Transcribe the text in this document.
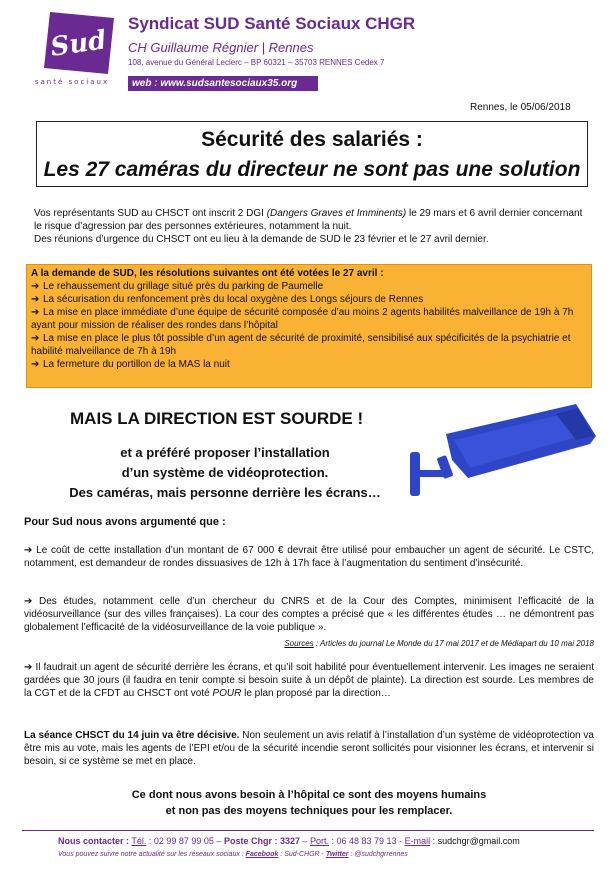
Sud
santé sociaux
Syndicat SUD Santé Sociaux CHGR
CH Guillaume Régnier | Rennes
108, avenue du Général Leclerc – BP 60321 – 35703 RENNES Cedex 7
web : www.sudsantesociaux35.org
Rennes, le 05/06/2018
Sécurité des salariés :
Les 27 caméras du directeur ne sont pas une solution
Vos représentants SUD au CHSCT ont inscrit 2 DGI (Dangers Graves et Imminents) le 29 mars et 6 avril dernier concernant le risque d’agression par des personnes extérieures, notamment la nuit.
Des réunions d’urgence du CHSCT ont eu lieu à la demande de SUD le 23 février et le 27 avril dernier.
A la demande de SUD, les résolutions suivantes ont été votées le 27 avril :
➔ Le rehaussement du grillage situé près du parking de Paumelle
➔ La sécurisation du renfoncement près du local oxygène des Longs séjours de Rennes
➔ La mise en place immédiate d’une équipe de sécurité composée d’au moins 2 agents habilités malveillance de 19h à 7h ayant pour mission de réaliser des rondes dans l’hôpital
➔ La mise en place le plus tôt possible d’un agent de sécurité de proximité, sensibilisé aux spécificités de la psychiatrie et habilité malveillance de 7h à 19h
➔ La fermeture du portillon de la MAS la nuit
MAIS LA DIRECTION EST SOURDE !
et a préféré proposer l’installation
d’un système de vidéoprotection.
Des caméras, mais personne derrière les écrans…
Pour Sud nous avons argumenté que :
➔ Le coût de cette installation d’un montant de 67 000 € devrait être utilisé pour embaucher un agent de sécurité. Le CSTC, notamment, est demandeur de rondes dissuasives de 12h à 17h face à l’augmentation du sentiment d’insécurité.
➔ Des études, notamment celle d’un chercheur du CNRS et de la Cour des Comptes, minimisent l’efficacité de la vidéosurveillance (sur des villes françaises). La cour des comptes a précisé que « les différentes études … ne démontrent pas globalement l’efficacité de la vidéosurveillance de la voie publique ».
Sources : Articles du journal Le Monde du 17 mai 2017 et de Médiapart du 10 mai 2018
➔ Il faudrait un agent de sécurité derrière les écrans, et qu’il soit habilité pour éventuellement intervenir. Les images ne seraient gardées que 30 jours (il faudra en tenir compte si besoin suite à un dépôt de plainte). La direction est sourde. Les membres de la CGT et de la CFDT au CHSCT ont voté POUR le plan proposé par la direction…
La séance CHSCT du 14 juin va être décisive. Non seulement un avis relatif à l’installation d’un système de vidéoprotection va être mis au vote, mais les agents de l’EPI et/ou de la sécurité incendie seront sollicités pour visionner les écrans, et intervenir si besoin, si ce système se met en place.
Ce dont nous avons besoin à l’hôpital ce sont des moyens humains
et non pas des moyens techniques pour les remplacer.
Nous contacter : Tél. : 02 99 87 99 05 – Poste Chgr : 3327 – Port. : 06 48 83 79 13 - E-mail : sudchgr@gmail.com
Vous pouvez suivre notre actualité sur les réseaux sociaux : Facebook : Sud-CHGR - Twitter : @sudchgrrennes
